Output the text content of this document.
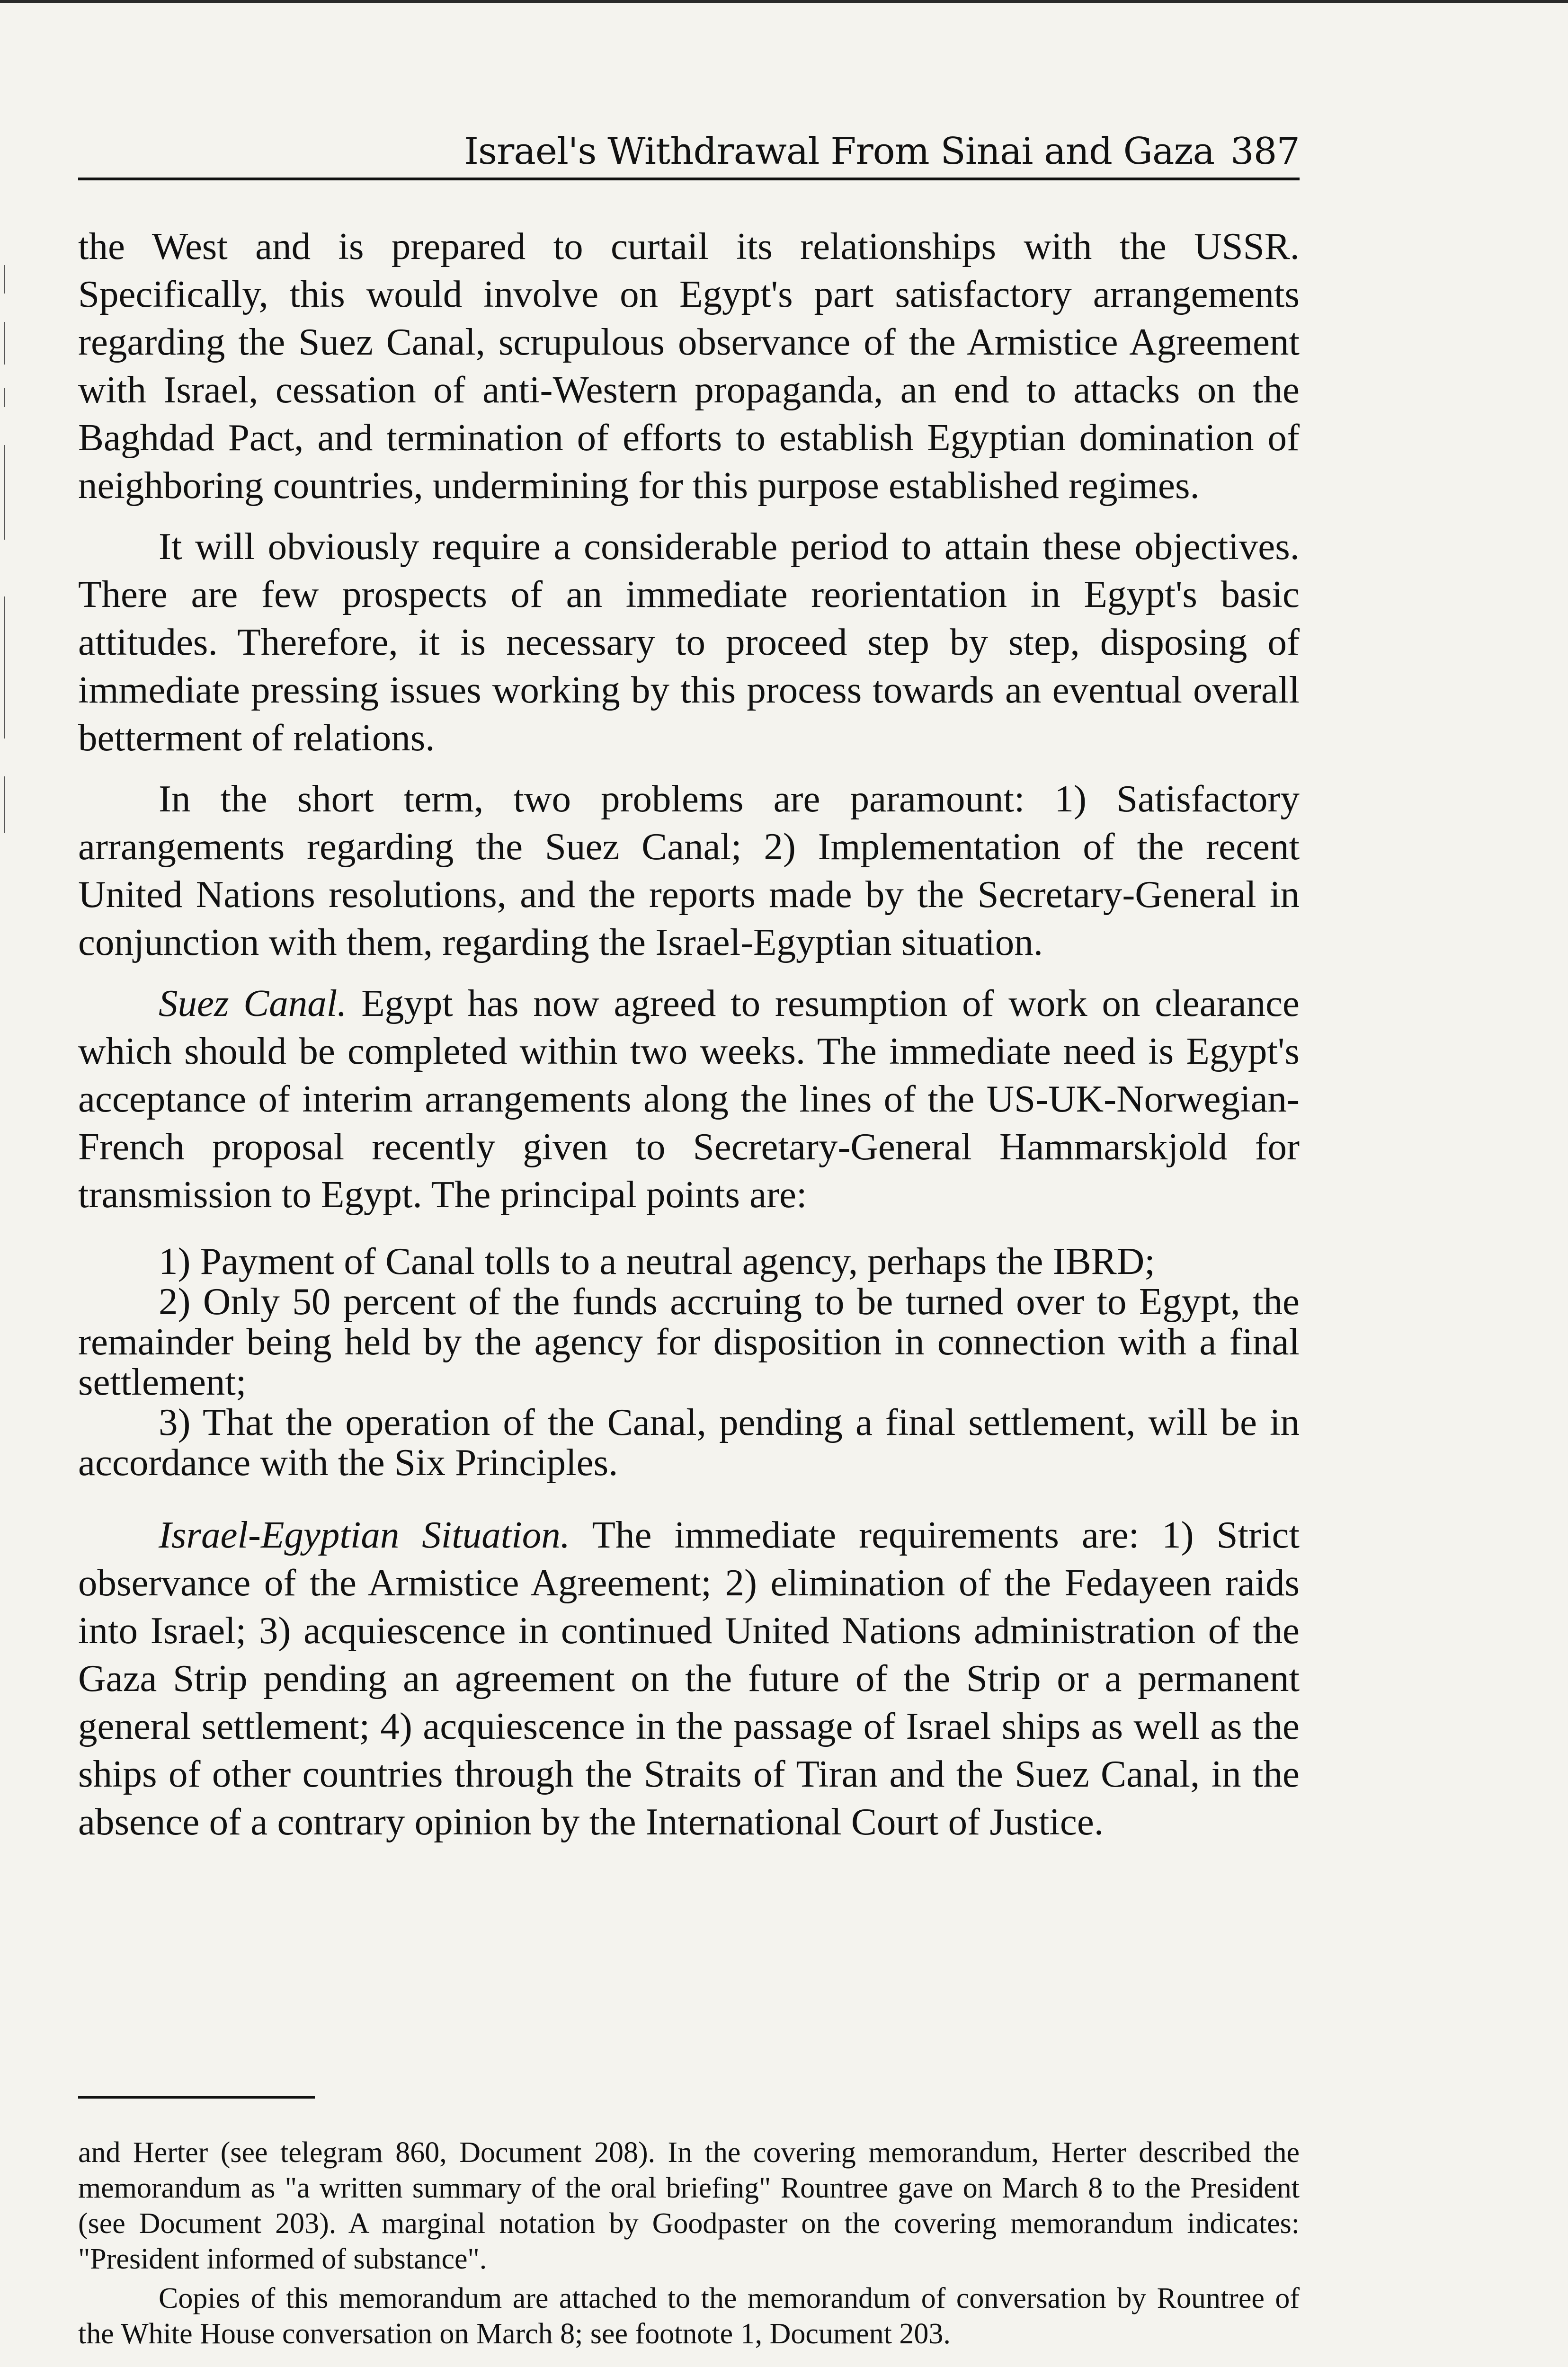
Israel's Withdrawal From Sinai and Gaza 387

the West and is prepared to curtail its relationships with the USSR. Specifically, this would involve on Egypt's part satisfactory arrangements regarding the Suez Canal, scrupulous observance of the Armistice Agreement with Israel, cessation of anti-Western propaganda, an end to attacks on the Baghdad Pact, and termination of efforts to establish Egyptian domination of neighboring countries, undermining for this purpose established regimes.

It will obviously require a considerable period to attain these objectives. There are few prospects of an immediate reorientation in Egypt's basic attitudes. Therefore, it is necessary to proceed step by step, disposing of immediate pressing issues working by this process towards an eventual overall betterment of relations.

In the short term, two problems are paramount: 1) Satisfactory arrangements regarding the Suez Canal; 2) Implementation of the recent United Nations resolutions, and the reports made by the Secretary-General in conjunction with them, regarding the Israel-Egyptian situation.

Suez Canal. Egypt has now agreed to resumption of work on clearance which should be completed within two weeks. The immediate need is Egypt's acceptance of interim arrangements along the lines of the US-UK-Norwegian-French proposal recently given to Secretary-General Hammarskjold for transmission to Egypt. The principal points are:

1) Payment of Canal tolls to a neutral agency, perhaps the IBRD;

2) Only 50 percent of the funds accruing to be turned over to Egypt, the remainder being held by the agency for disposition in connection with a final settlement;

3) That the operation of the Canal, pending a final settlement, will be in accordance with the Six Principles.

Israel-Egyptian Situation. The immediate requirements are: 1) Strict observance of the Armistice Agreement; 2) elimination of the Fedayeen raids into Israel; 3) acquiescence in continued United Nations administration of the Gaza Strip pending an agreement on the future of the Strip or a permanent general settlement; 4) acquiescence in the passage of Israel ships as well as the ships of other countries through the Straits of Tiran and the Suez Canal, in the absence of a contrary opinion by the International Court of Justice.

and Herter (see telegram 860, Document 208). In the covering memorandum, Herter described the memorandum as "a written summary of the oral briefing" Rountree gave on March 8 to the President (see Document 203). A marginal notation by Goodpaster on the covering memorandum indicates: "President informed of substance".

Copies of this memorandum are attached to the memorandum of conversation by Rountree of the White House conversation on March 8; see footnote 1, Document 203.
